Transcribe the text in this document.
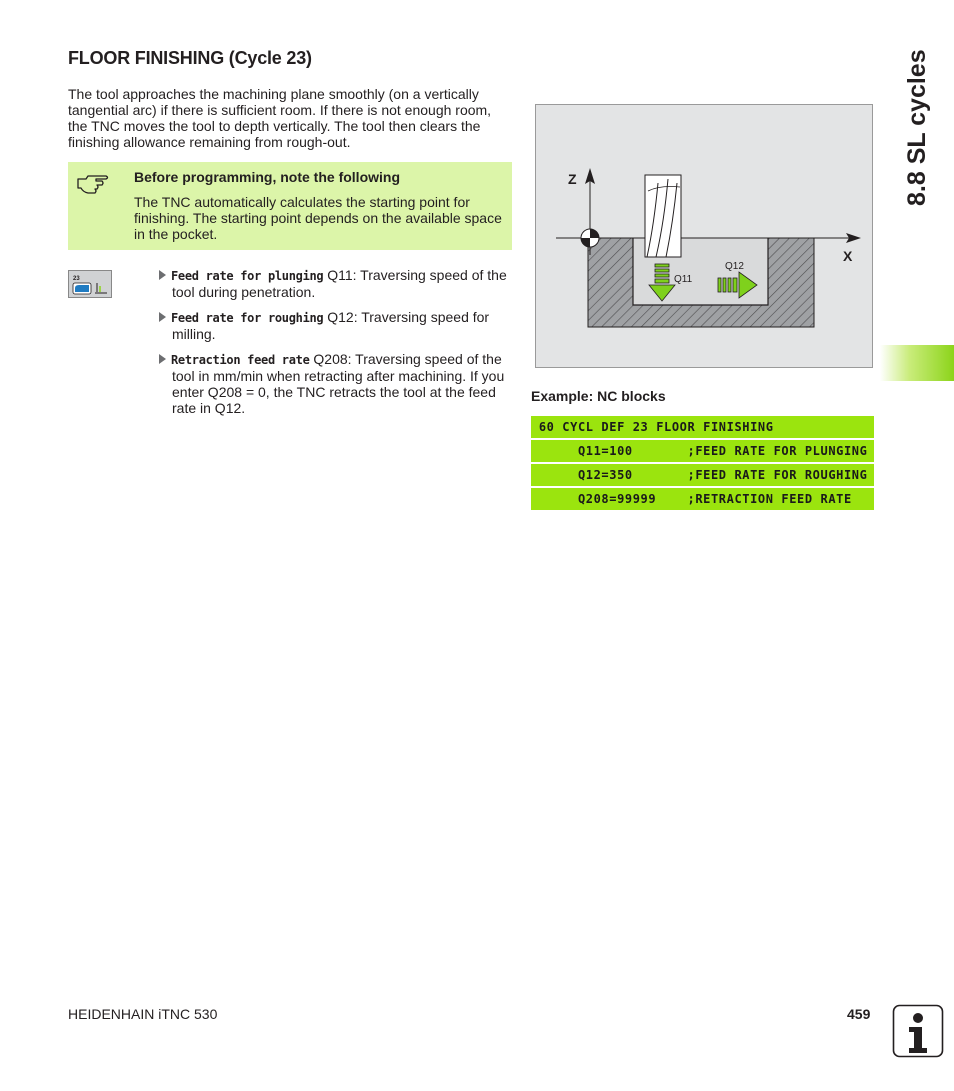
FLOOR FINISHING (Cycle 23)
The tool approaches the machining plane smoothly (on a vertically tangential arc) if there is sufficient room. If there is not enough room, the TNC moves the tool to depth vertically. The tool then clears the finishing allowance remaining from rough-out.
Before programming, note the following
The TNC automatically calculates the starting point for finishing. The starting point depends on the available space in the pocket.
23	Feed rate for plunging Q11: Traversing speed of the
tool during penetration.
Feed rate for roughing Q12: Traversing speed for
milling.
Retraction feed rate Q208: Traversing speed of the
tool in mm/min when retracting after machining. If you enter Q208 = 0, the TNC retracts the tool at the feed rate in Q12.
Z
X
Q11
Q12
Example: NC blocks
60 CYCL DEF 23 FLOOR FINISHING
Q11=100       ;FEED RATE FOR PLUNGING
Q12=350       ;FEED RATE FOR ROUGHING
Q208=99999    ;RETRACTION FEED RATE
8.8 SL cycles
HEIDENHAIN iTNC 530	459
